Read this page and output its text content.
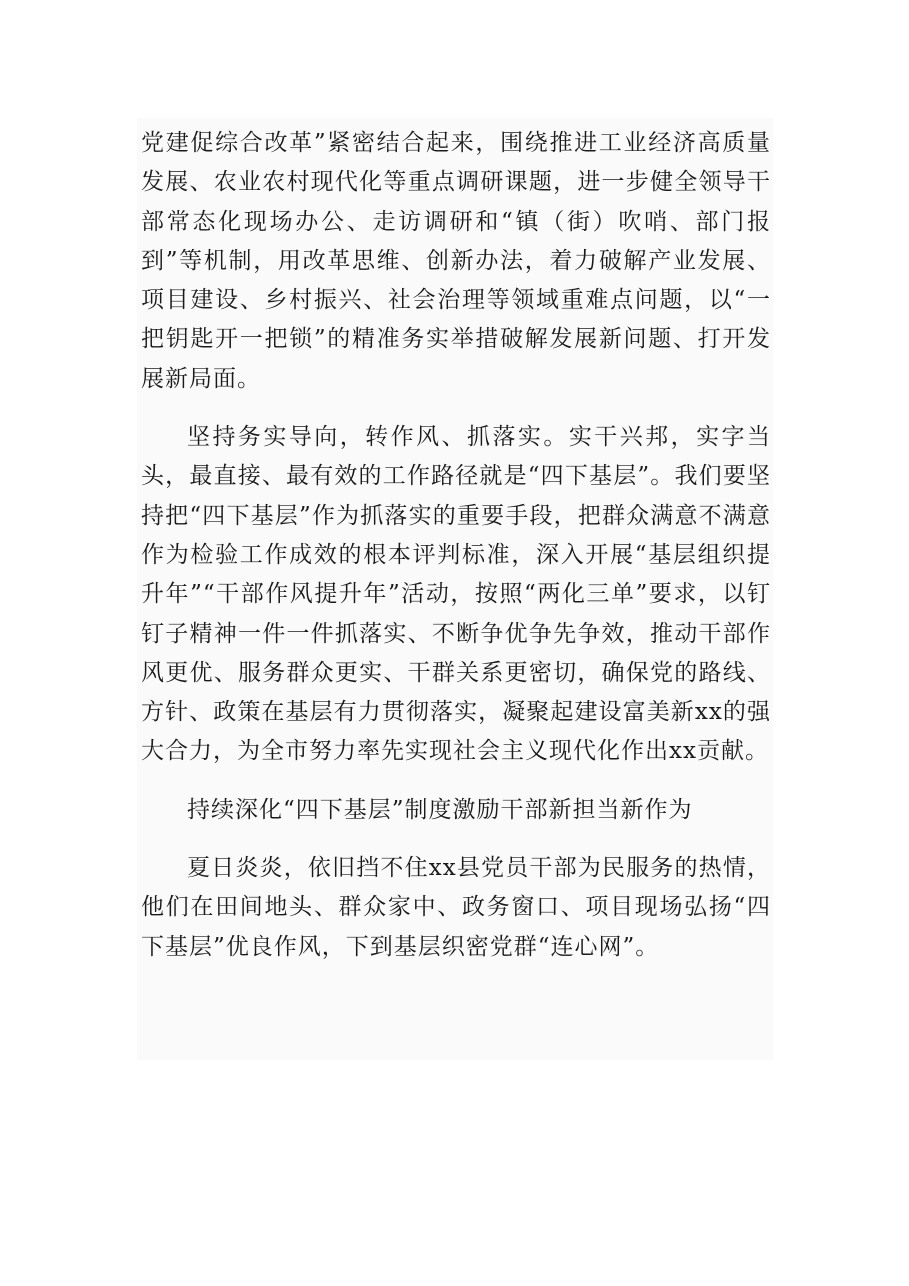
党建促综合改革”紧密结合起来，围绕推进工业经济高质量发展、农业农村现代化等重点调研课题，进一步健全领导干部常态化现场办公、走访调研和“镇（街）吹哨、部门报到”等机制，用改革思维、创新办法，着力破解产业发展、项目建设、乡村振兴、社会治理等领域重难点问题，以“一把钥匙开一把锁”的精准务实举措破解发展新问题、打开发展新局面。

坚持务实导向，转作风、抓落实。实干兴邦，实字当头，最直接、最有效的工作路径就是“四下基层”。我们要坚持把“四下基层”作为抓落实的重要手段，把群众满意不满意作为检验工作成效的根本评判标准，深入开展“基层组织提升年”“干部作风提升年”活动，按照“两化三单”要求，以钉钉子精神一件一件抓落实、不断争优争先争效，推动干部作风更优、服务群众更实、干群关系更密切，确保党的路线、方针、政策在基层有力贯彻落实，凝聚起建设富美新xx的强大合力，为全市努力率先实现社会主义现代化作出xx贡献。

持续深化“四下基层”制度激励干部新担当新作为

夏日炎炎，依旧挡不住xx县党员干部为民服务的热情，他们在田间地头、群众家中、政务窗口、项目现场弘扬“四下基层”优良作风，下到基层织密党群“连心网”。
